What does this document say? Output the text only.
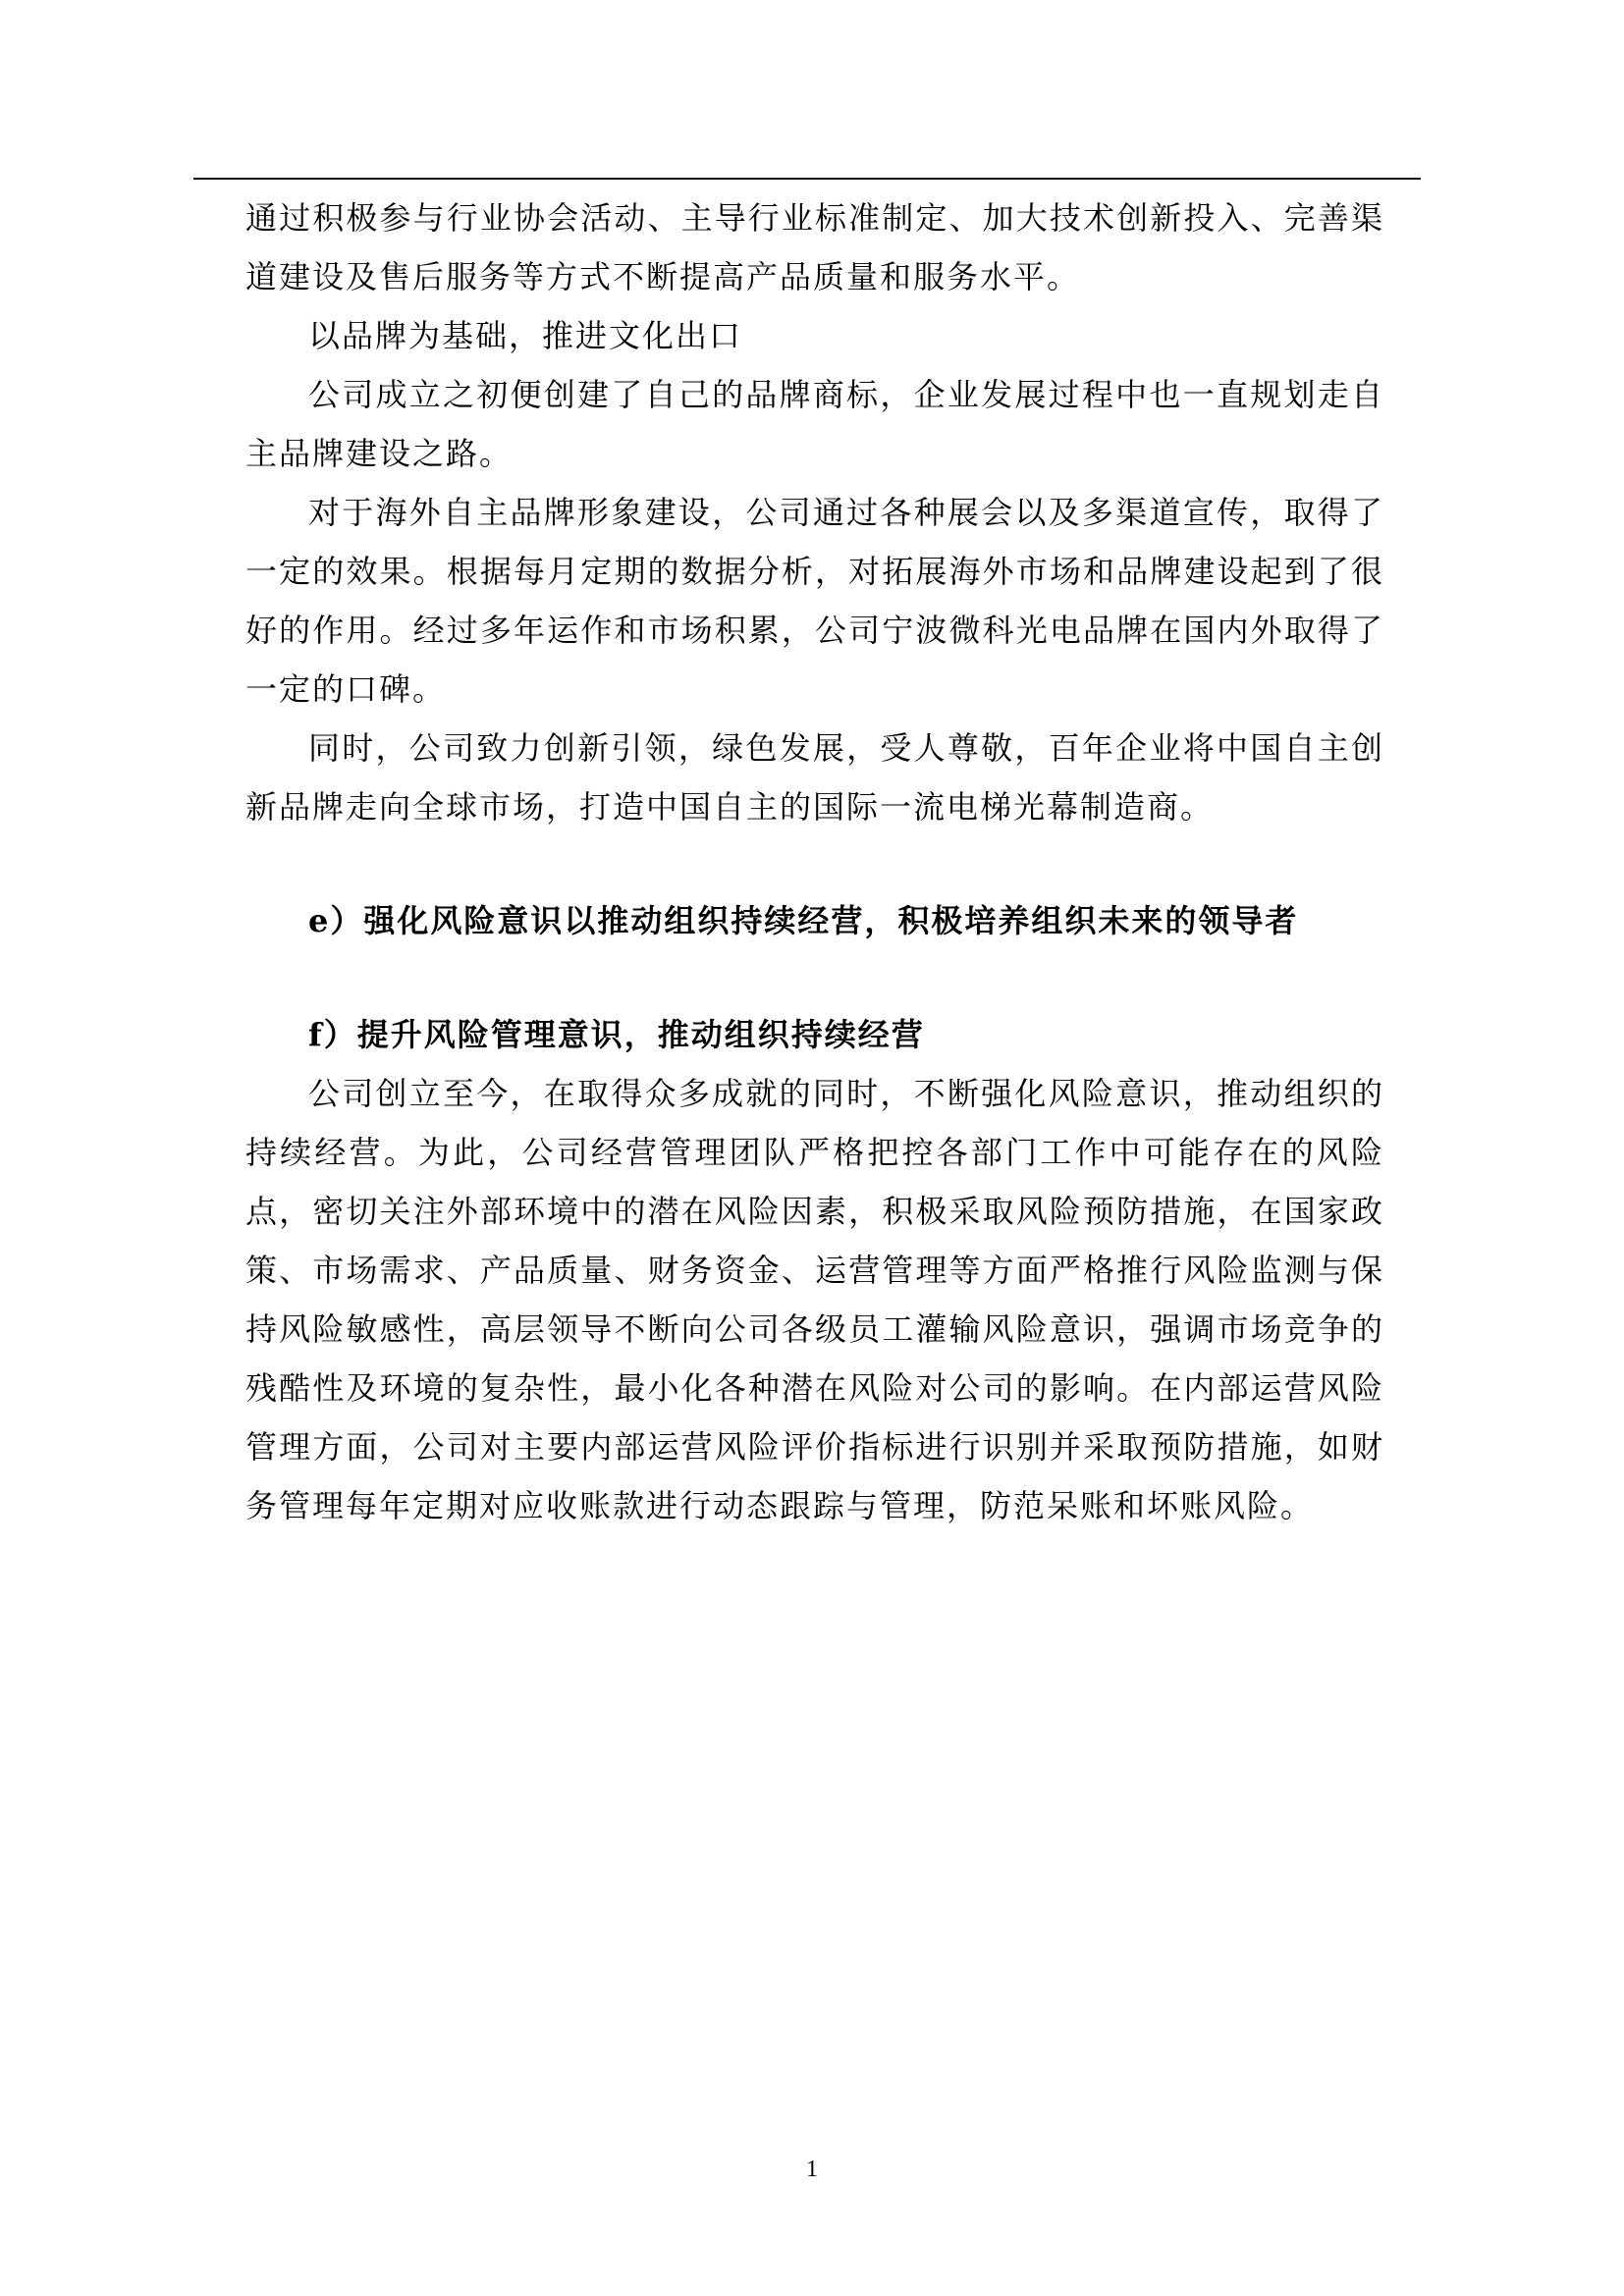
通过积极参与行业协会活动、主导行业标准制定、加大技术创新投入、完善渠道建设及售后服务等方式不断提高产品质量和服务水平。

以品牌为基础，推进文化出口

公司成立之初便创建了自己的品牌商标，企业发展过程中也一直规划走自主品牌建设之路。

对于海外自主品牌形象建设，公司通过各种展会以及多渠道宣传，取得了一定的效果。根据每月定期的数据分析，对拓展海外市场和品牌建设起到了很好的作用。经过多年运作和市场积累，公司宁波微科光电品牌在国内外取得了一定的口碑。

同时，公司致力创新引领，绿色发展，受人尊敬，百年企业将中国自主创新品牌走向全球市场，打造中国自主的国际一流电梯光幕制造商。

e）强化风险意识以推动组织持续经营，积极培养组织未来的领导者

f）提升风险管理意识，推动组织持续经营

公司创立至今，在取得众多成就的同时，不断强化风险意识，推动组织的持续经营。为此，公司经营管理团队严格把控各部门工作中可能存在的风险点，密切关注外部环境中的潜在风险因素，积极采取风险预防措施，在国家政策、市场需求、产品质量、财务资金、运营管理等方面严格推行风险监测与保持风险敏感性，高层领导不断向公司各级员工灌输风险意识，强调市场竞争的残酷性及环境的复杂性，最小化各种潜在风险对公司的影响。在内部运营风险管理方面，公司对主要内部运营风险评价指标进行识别并采取预防措施，如财务管理每年定期对应收账款进行动态跟踪与管理，防范呆账和坏账风险。

1
